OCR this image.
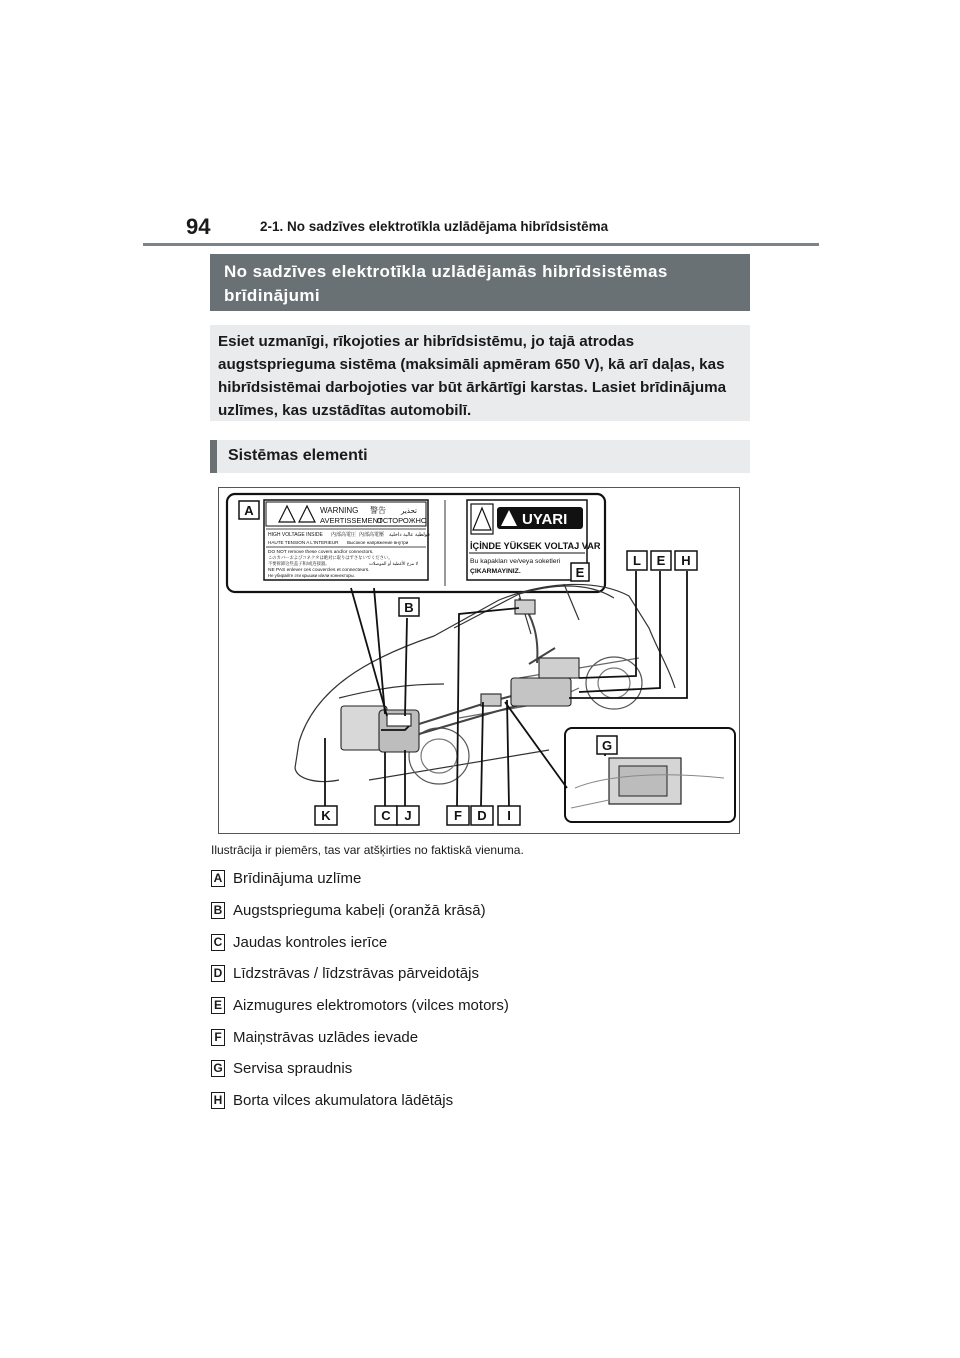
94	2-1. No sadzīves elektrotīkla uzlādējama hibrīdsistēma
No sadzīves elektrotīkla uzlādējamās hibrīdsistēmas brīdinājumi
Esiet uzmanīgi, rīkojoties ar hibrīdsistēmu, jo tajā atrodas augstsprieguma sistēma (maksimāli apmēram 650 V), kā arī daļas, kas hibrīdsistēmai darbojoties var būt ārkārtīgi karstas. Lasiet brīdinājuma uzlīmes, kas uzstādītas automobilī.
Sistēmas elementi
WARNING 警告 تحذير
AVERTISSEMENT
ОСТОРОЖНО
HIGH VOLTAGE INSIDE 内部高電圧 內部高電壓 فولطية عالية داخلية
HAUTE TENSION A L'INTERIEUR Высокое напряжение внутри
DO NOT remove these covers and/or connectors.
このカバーおよびコネクタは絶対に取りはずさないでください。
不要拆卸这些盖子和/或连接器。	لا تنزع الأغطية أو الموصلات
NE PAS enlever ces couvercles et connecteurs.
Не убирайте эти крышки и/или коннекторы.
UYARI
İÇİNDE YÜKSEK VOLTAJ VAR
Bu kapakları ve/veya soketleri
ÇIKARMAYINIZ.
A
E
B
L E H
G
K	C J	F D I
Ilustrācija ir piemērs, tas var atšķirties no faktiskā vienuma.
A Brīdinājuma uzlīme
B Augstsprieguma kabeļi (oranžā krāsā)
C Jaudas kontroles ierīce
D Līdzstrāvas / līdzstrāvas pārveidotājs
E Aizmugures elektromotors (vilces motors)
F Maiņstrāvas uzlādes ievade
G Servisa spraudnis
H Borta vilces akumulatora lādētājs
